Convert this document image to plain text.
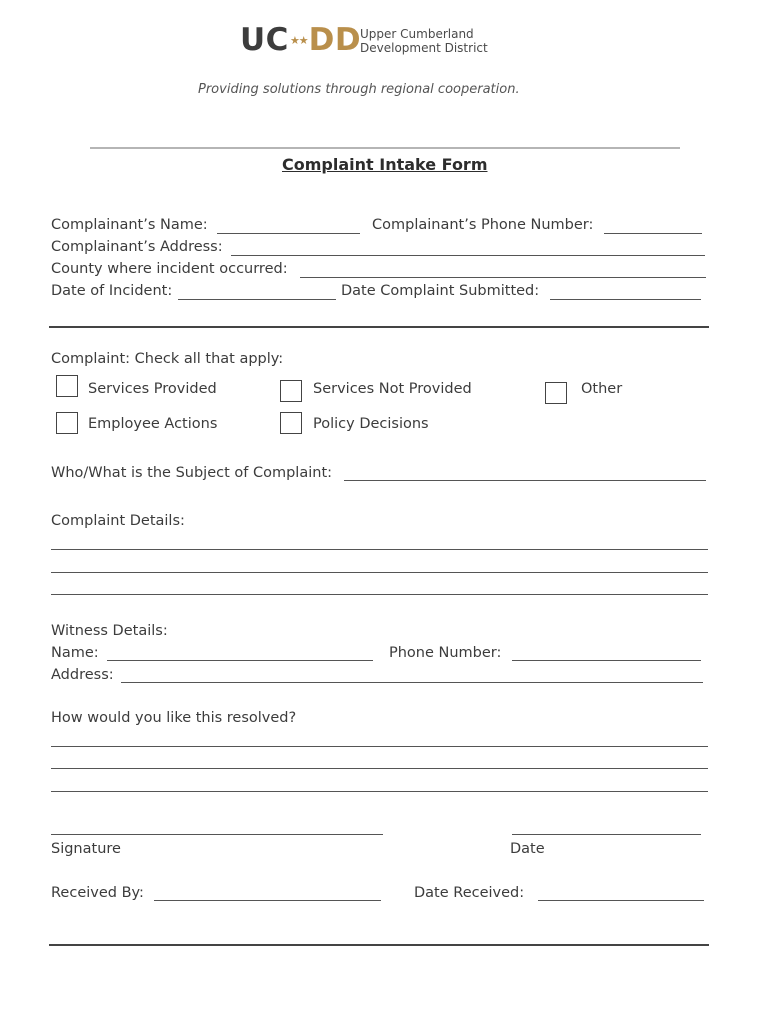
UC★★DD
Upper Cumberland
Development District
Providing solutions through regional cooperation.
Complaint Intake Form
Complainant’s Name:	Complainant’s Phone Number:
Complainant’s Address:
County where incident occurred:
Date of Incident:	Date Complaint Submitted:
Complaint: Check all that apply:
Services Provided	Services Not Provided	Other
Employee Actions	Policy Decisions
Who/What is the Subject of Complaint:
Complaint Details:
Witness Details:
Name:	Phone Number:
Address:
How would you like this resolved?
Signature	Date
Received By:	Date Received:
